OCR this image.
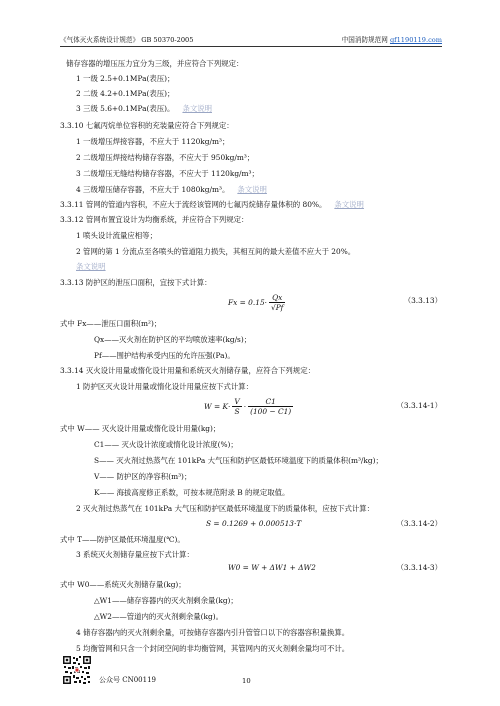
《气体灭火系统设计规范》 GB 50370-2005	中国消防规范网 gf1190119.com
储存容器的增压压力宜分为三级，并应符合下列规定：
1 一级 2.5+0.1MPa(表压)；
2 二级 4.2+0.1MPa(表压)；
3 三级 5.6+0.1MPa(表压)。 条文说明
3.3.10 七氟丙烷单位容积的充装量应符合下列规定：
1 一级增压焊接容器，不应大于 1120kg/m³；
2 二级增压焊接结构储存容器，不应大于 950kg/m³；
3 二级增压无缝结构储存容器，不应大于 1120kg/m³；
4 三级增压储存容器，不应大于 1080kg/m³。 条文说明
3.3.11 管网的管道内容积，不应大于流经该管网的七氟丙烷储存量体积的 80%。 条文说明
3.3.12 管网布置宜设计为均衡系统，并应符合下列规定：
1 喷头设计流量应相等；
2 管网的第 1 分流点至各喷头的管道阻力损失，其相互间的最大差值不应大于 20%。
条文说明
3.3.13 防护区的泄压口面积，宜按下式计算：
式中 Fx——泄压口面积(m²)；
Qx——灭火剂在防护区的平均喷放速率(kg/s)；
Pf——围护结构承受内压的允许压强(Pa)。
3.3.14 灭火设计用量或惰化设计用量和系统灭火剂储存量，应符合下列规定：
1 防护区灭火设计用量或惰化设计用量应按下式计算：
式中 W—— 灭火设计用量或惰化设计用量(kg)；
C1—— 灭火设计浓度或惰化设计浓度(%)；
S—— 灭火剂过热蒸气在 101kPa 大气压和防护区最低环境温度下的质量体积(m³/kg)；
V—— 防护区的净容积(m³)；
K—— 海拔高度修正系数，可按本规范附录 B 的规定取值。
2 灭火剂过热蒸气在 101kPa 大气压和防护区最低环境温度下的质量体积，应按下式计算：
式中 T——防护区最低环境温度(℃)。
3 系统灭火剂储存量应按下式计算：
式中 W0——系统灭火剂储存量(kg)；
△W1——储存容器内的灭火剂剩余量(kg)；
△W2——管道内的灭火剂剩余量(kg)。
4 储存容器内的灭火剂剩余量，可按储存容器内引升管管口以下的容器容积量换算。
5 均衡管网和只含一个封闭空间的非均衡管网，其管网内的灭火剂剩余量均可不计。
$Fx = 0.15\cdot \frac{Qx}{√Pf}$	（3.3.13）
$W = K\cdot \frac{V}{S} \cdot \frac{C1}{(100 - C1)}$	（3.3.14-1）
S = 0.1269 + 0.000513·T	（3.3.14-2）
W0 = W + ΔW1 + ΔW2	（3.3.14-3）
公众号 CN00119	10
